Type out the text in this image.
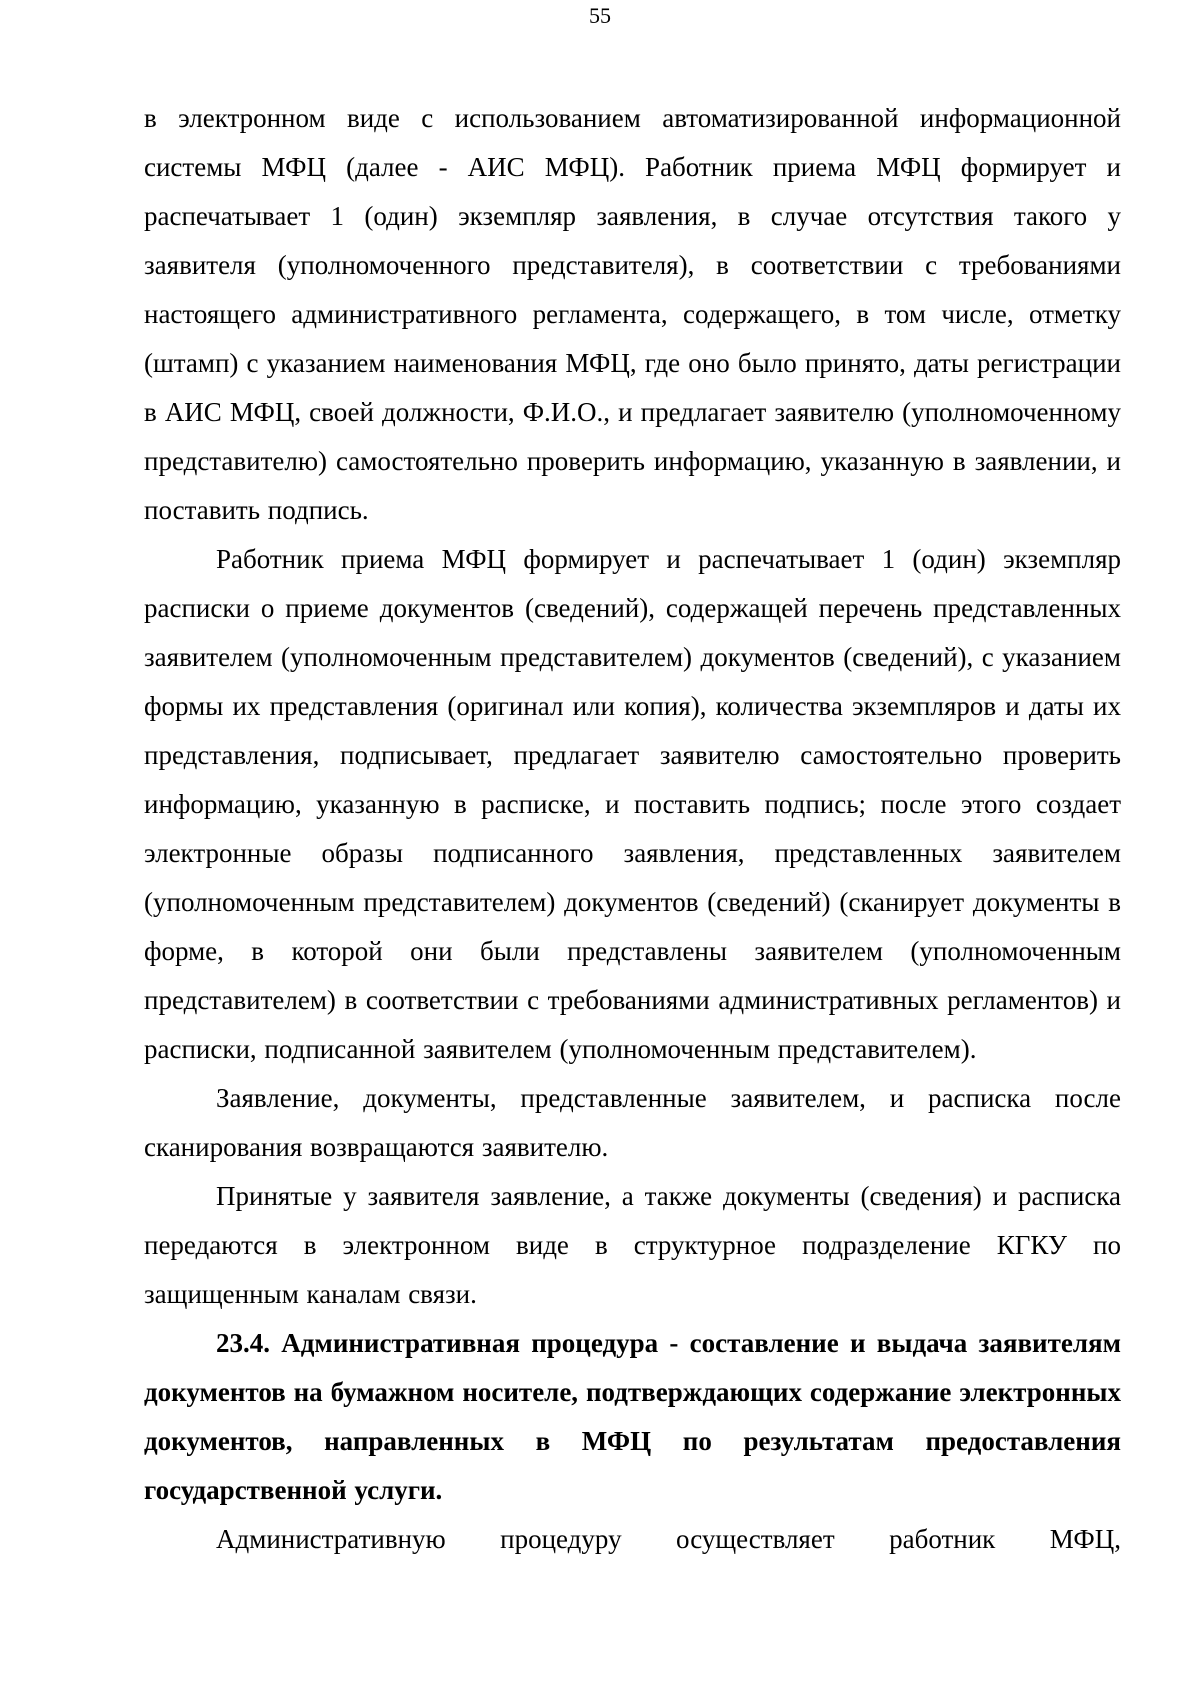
55

в электронном виде с использованием автоматизированной информационной системы МФЦ (далее - АИС МФЦ). Работник приема МФЦ формирует и распечатывает 1 (один) экземпляр заявления, в случае отсутствия такого у заявителя (уполномоченного представителя), в соответствии с требованиями настоящего административного регламента, содержащего, в том числе, отметку (штамп) с указанием наименования МФЦ, где оно было принято, даты регистрации в АИС МФЦ, своей должности, Ф.И.О., и предлагает заявителю (уполномоченному представителю) самостоятельно проверить информацию, указанную в заявлении, и поставить подпись.

Работник приема МФЦ формирует и распечатывает 1 (один) экземпляр расписки о приеме документов (сведений), содержащей перечень представленных заявителем (уполномоченным представителем) документов (сведений), с указанием формы их представления (оригинал или копия), количества экземпляров и даты их представления, подписывает, предлагает заявителю самостоятельно проверить информацию, указанную в расписке, и поставить подпись; после этого создает электронные образы подписанного заявления, представленных заявителем (уполномоченным представителем) документов (сведений) (сканирует документы в форме, в которой они были представлены заявителем (уполномоченным представителем) в соответствии с требованиями административных регламентов) и расписки, подписанной заявителем (уполномоченным представителем).

Заявление, документы, представленные заявителем, и расписка после сканирования возвращаются заявителю.

Принятые у заявителя заявление, а также документы (сведения) и расписка передаются в электронном виде в структурное подразделение КГКУ по защищенным каналам связи.

23.4. Административная процедура - составление и выдача заявителям документов на бумажном носителе, подтверждающих содержание электронных документов, направленных в МФЦ по результатам предоставления государственной услуги.

Административную процедуру осуществляет работник МФЦ,
